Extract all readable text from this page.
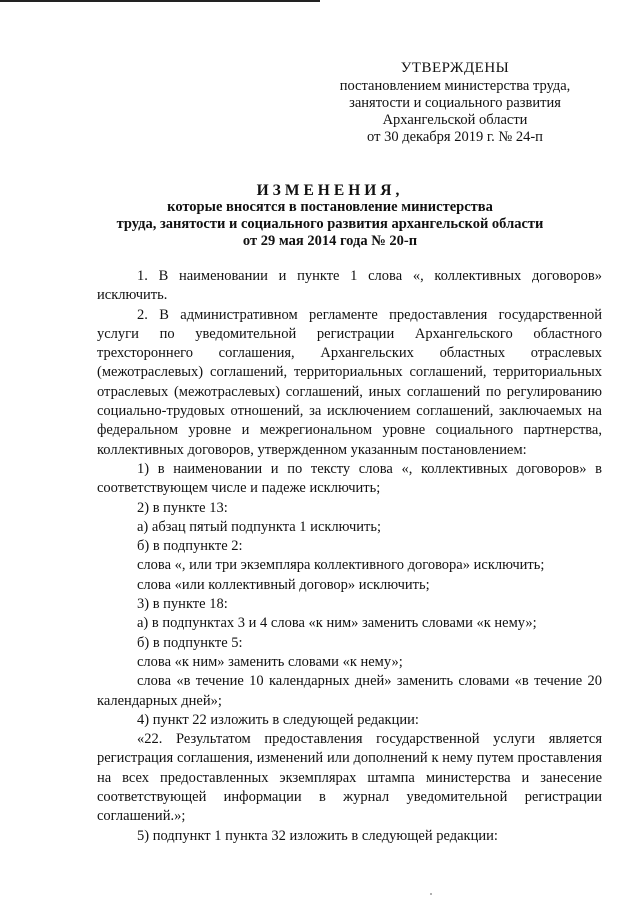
УТВЕРЖДЕНЫ
постановлением министерства труда,
занятости и социального развития
Архангельской области
от 30 декабря 2019 г. № 24-п
ИЗМЕНЕНИЯ,
которые вносятся в постановление министерства
труда, занятости и социального развития архангельской области
от 29 мая 2014 года № 20-п

1. В наименовании и пункте 1 слова «, коллективных договоров» исключить.

2. В административном регламенте предоставления государственной услуги по уведомительной регистрации Архангельского областного трехстороннего соглашения, Архангельских областных отраслевых (межотраслевых) соглашений, территориальных соглашений, территориальных отраслевых (межотраслевых) соглашений, иных соглашений по регулированию социально-трудовых отношений, за исключением соглашений, заключаемых на федеральном уровне и межрегиональном уровне социального партнерства, коллективных договоров, утвержденном указанным постановлением:

1) в наименовании и по тексту слова «, коллективных договоров» в соответствующем числе и падеже исключить;

2) в пункте 13:

а) абзац пятый подпункта 1 исключить;

б) в подпункте 2:

слова «, или три экземпляра коллективного договора» исключить;

слова «или коллективный договор» исключить;

3) в пункте 18:

а) в подпунктах 3 и 4 слова «к ним» заменить словами «к нему»;

б) в подпункте 5:

слова «к ним» заменить словами «к нему»;

слова «в течение 10 календарных дней» заменить словами «в течение 20 календарных дней»;

4) пункт 22 изложить в следующей редакции:

«22. Результатом предоставления государственной услуги является регистрация соглашения, изменений или дополнений к нему путем проставления на всех предоставленных экземплярах штампа министерства и занесение соответствующей информации в журнал уведомительной регистрации соглашений.»;

5) подпункт 1 пункта 32 изложить в следующей редакции:
